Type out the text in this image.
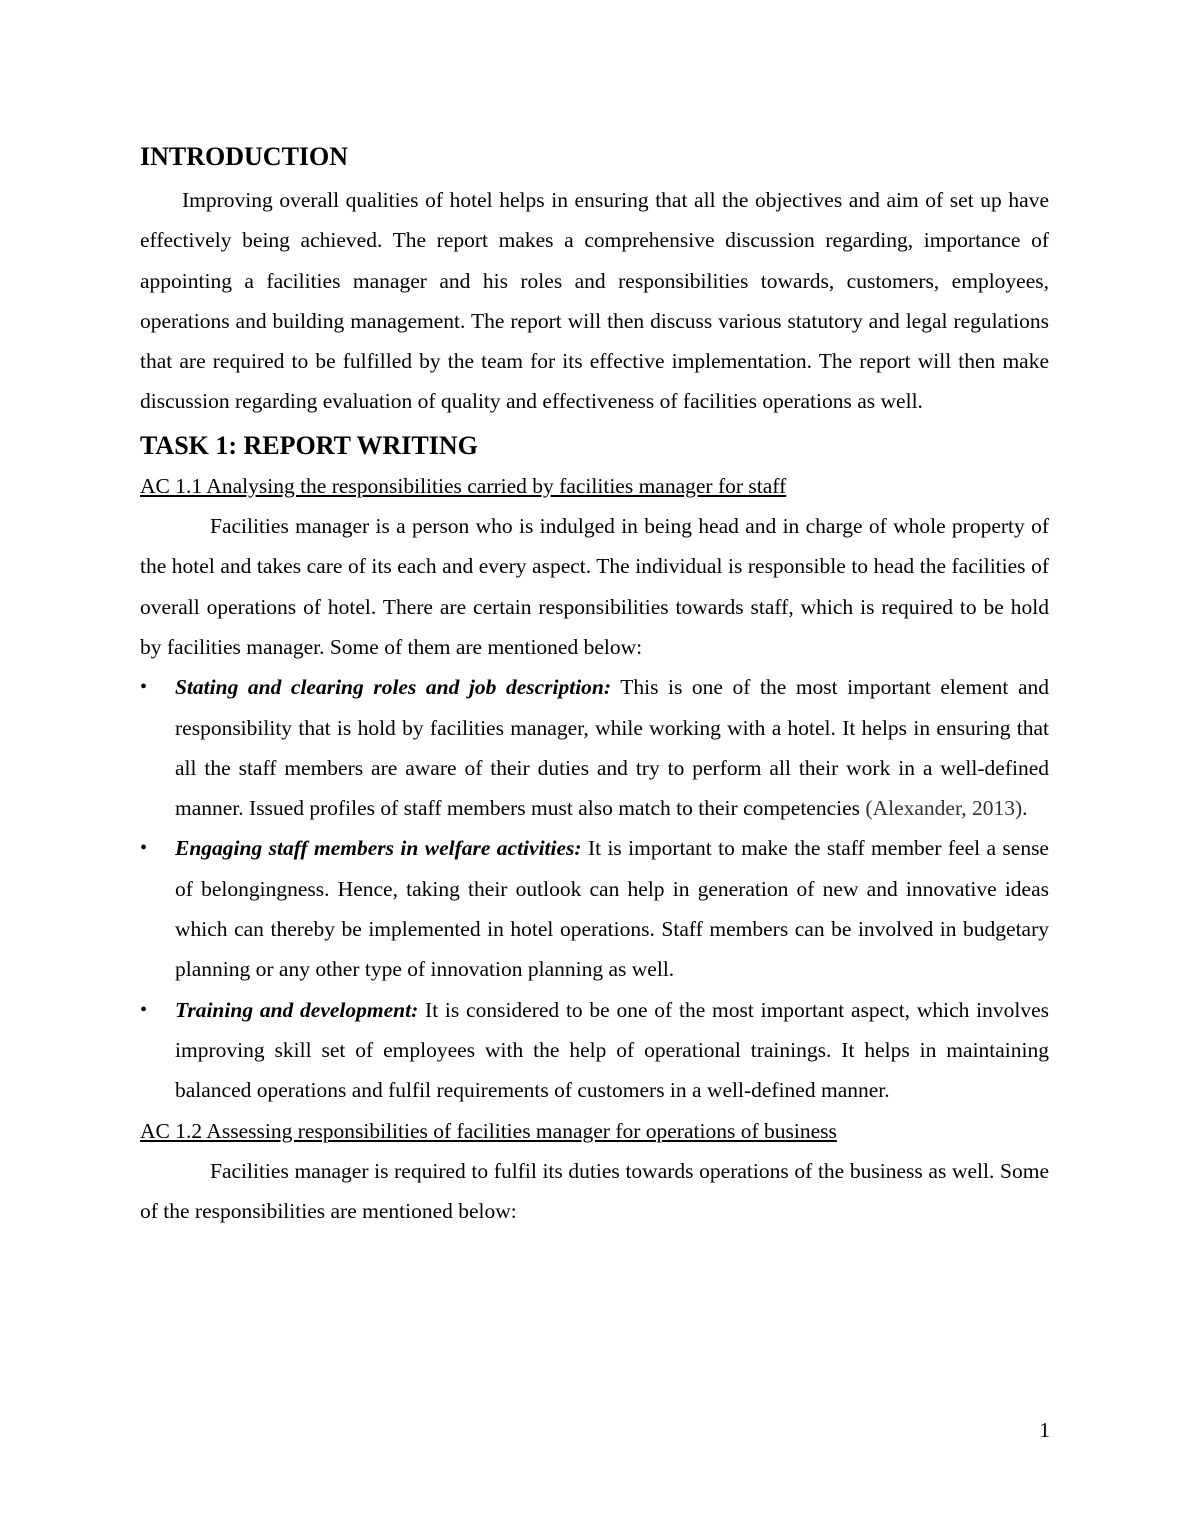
INTRODUCTION

Improving overall qualities of hotel helps in ensuring that all the objectives and aim of set up have effectively being achieved. The report makes a comprehensive discussion regarding, importance of appointing a facilities manager and his roles and responsibilities towards, customers, employees, operations and building management. The report will then discuss various statutory and legal regulations that are required to be fulfilled by the team for its effective implementation. The report will then make discussion regarding evaluation of quality and effectiveness of facilities operations as well.

TASK 1: REPORT WRITING
AC 1.1 Analysing the responsibilities carried by facilities manager for staff

Facilities manager is a person who is indulged in being head and in charge of whole property of the hotel and takes care of its each and every aspect. The individual is responsible to head the facilities of overall operations of hotel. There are certain responsibilities towards staff, which is required to be hold by facilities manager. Some of them are mentioned below:

•	Stating and clearing roles and job description: This is one of the most important element and responsibility that is hold by facilities manager, while working with a hotel. It helps in ensuring that all the staff members are aware of their duties and try to perform all their work in a well-defined manner. Issued profiles of staff members must also match to their competencies (Alexander, 2013).
•	Engaging staff members in welfare activities: It is important to make the staff member feel a sense of belongingness. Hence, taking their outlook can help in generation of new and innovative ideas which can thereby be implemented in hotel operations. Staff members can be involved in budgetary planning or any other type of innovation planning as well.
•	Training and development: It is considered to be one of the most important aspect, which involves improving skill set of employees with the help of operational trainings. It helps in maintaining balanced operations and fulfil requirements of customers in a well-defined manner.
AC 1.2 Assessing responsibilities of facilities manager for operations of business

Facilities manager is required to fulfil its duties towards operations of the business as well. Some of the responsibilities are mentioned below:

1
